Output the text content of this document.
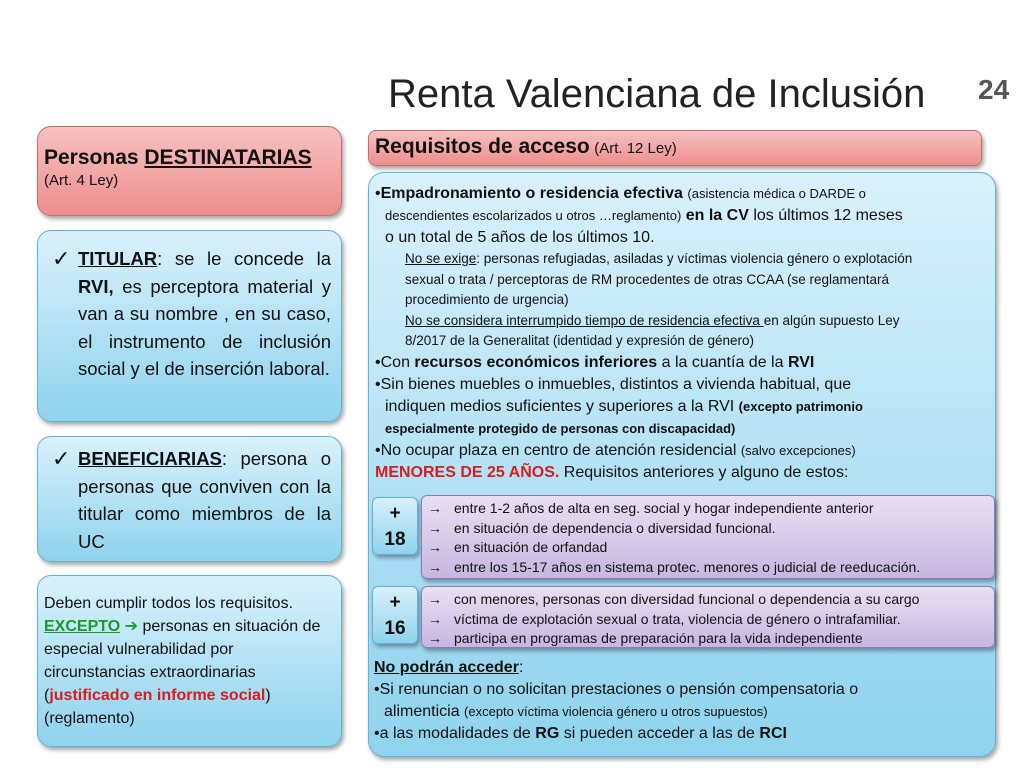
Renta Valenciana de Inclusión	24
Personas DESTINATARIAS
(Art. 4 Ley)
✓ TITULAR: se le concede la RVI, es perceptora material y van a su nombre , en su caso, el instrumento de inclusión social y el de inserción laboral.
✓ BENEFICIARIAS: persona o personas que conviven con la titular como miembros de la UC
Deben cumplir todos los requisitos.
EXCEPTO ➔ personas en situación de especial vulnerabilidad por circunstancias extraordinarias (justificado en informe social) (reglamento)
Requisitos de acceso (Art. 12 Ley)
•Empadronamiento o residencia efectiva (asistencia médica o DARDE o
descendientes escolarizados u otros …reglamento) en la CV los últimos 12 meses
o un total de 5 años de los últimos 10.
No se exige: personas refugiadas, asiladas y víctimas violencia género o explotación
sexual o trata / perceptoras de RM procedentes de otras CCAA (se reglamentará
procedimiento de urgencia)
No se considera interrumpido tiempo de residencia efectiva en algún supuesto Ley
8/2017 de la Generalitat (identidad y expresión de género)
•Con recursos económicos inferiores a la cuantía de la RVI
•Sin bienes muebles o inmuebles, distintos a vivienda habitual, que
indiquen medios suficientes y superiores a la RVI (excepto patrimonio
especialmente protegido de personas con discapacidad)
•No ocupar plaza en centro de atención residencial (salvo excepciones)
MENORES DE 25 AÑOS. Requisitos anteriores y alguno de estos:
+
18
→ entre 1-2 años de alta en seg. social y hogar independiente anterior
→ en situación de dependencia o diversidad funcional.
→ en situación de orfandad
→ entre los 15-17 años en sistema protec. menores o judicial de reeducación.
+
16
→ con menores, personas con diversidad funcional o dependencia a su cargo
→ víctima de explotación sexual o trata, violencia de género o intrafamiliar.
→ participa en programas de preparación para la vida independiente
No podrán acceder:
•Si renuncian o no solicitan prestaciones o pensión compensatoria o
alimenticia (excepto víctima violencia género u otros supuestos)
•a las modalidades de RG si pueden acceder a las de RCI
